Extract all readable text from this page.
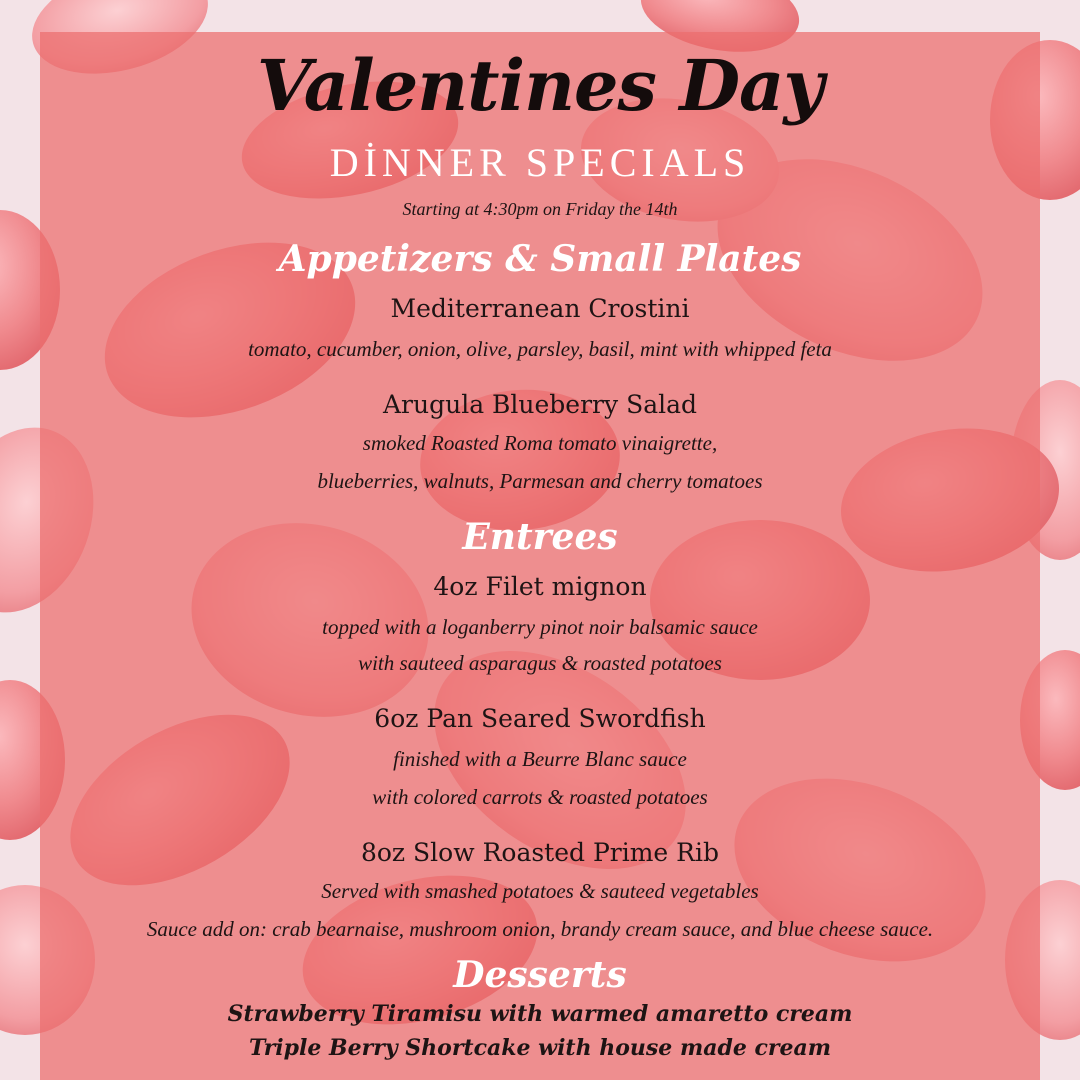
Valentines Day
DİNNER SPECIALS
Starting at 4:30pm on Friday the 14th
Appetizers & Small Plates
Mediterranean Crostini
tomato, cucumber, onion, olive, parsley, basil, mint with whipped feta
Arugula Blueberry Salad
smoked Roasted Roma tomato vinaigrette,
blueberries, walnuts, Parmesan and cherry tomatoes
Entrees
4oz Filet mignon
topped with a loganberry pinot noir balsamic sauce
with sauteed asparagus & roasted potatoes
6oz Pan Seared Swordfish
finished with a Beurre Blanc sauce
with colored carrots & roasted potatoes
8oz Slow Roasted Prime Rib
Served with smashed potatoes & sauteed vegetables
Sauce add on: crab bearnaise, mushroom onion, brandy cream sauce, and blue cheese sauce.
Desserts
Strawberry Tiramisu with warmed amaretto cream
Triple Berry Shortcake with house made cream
